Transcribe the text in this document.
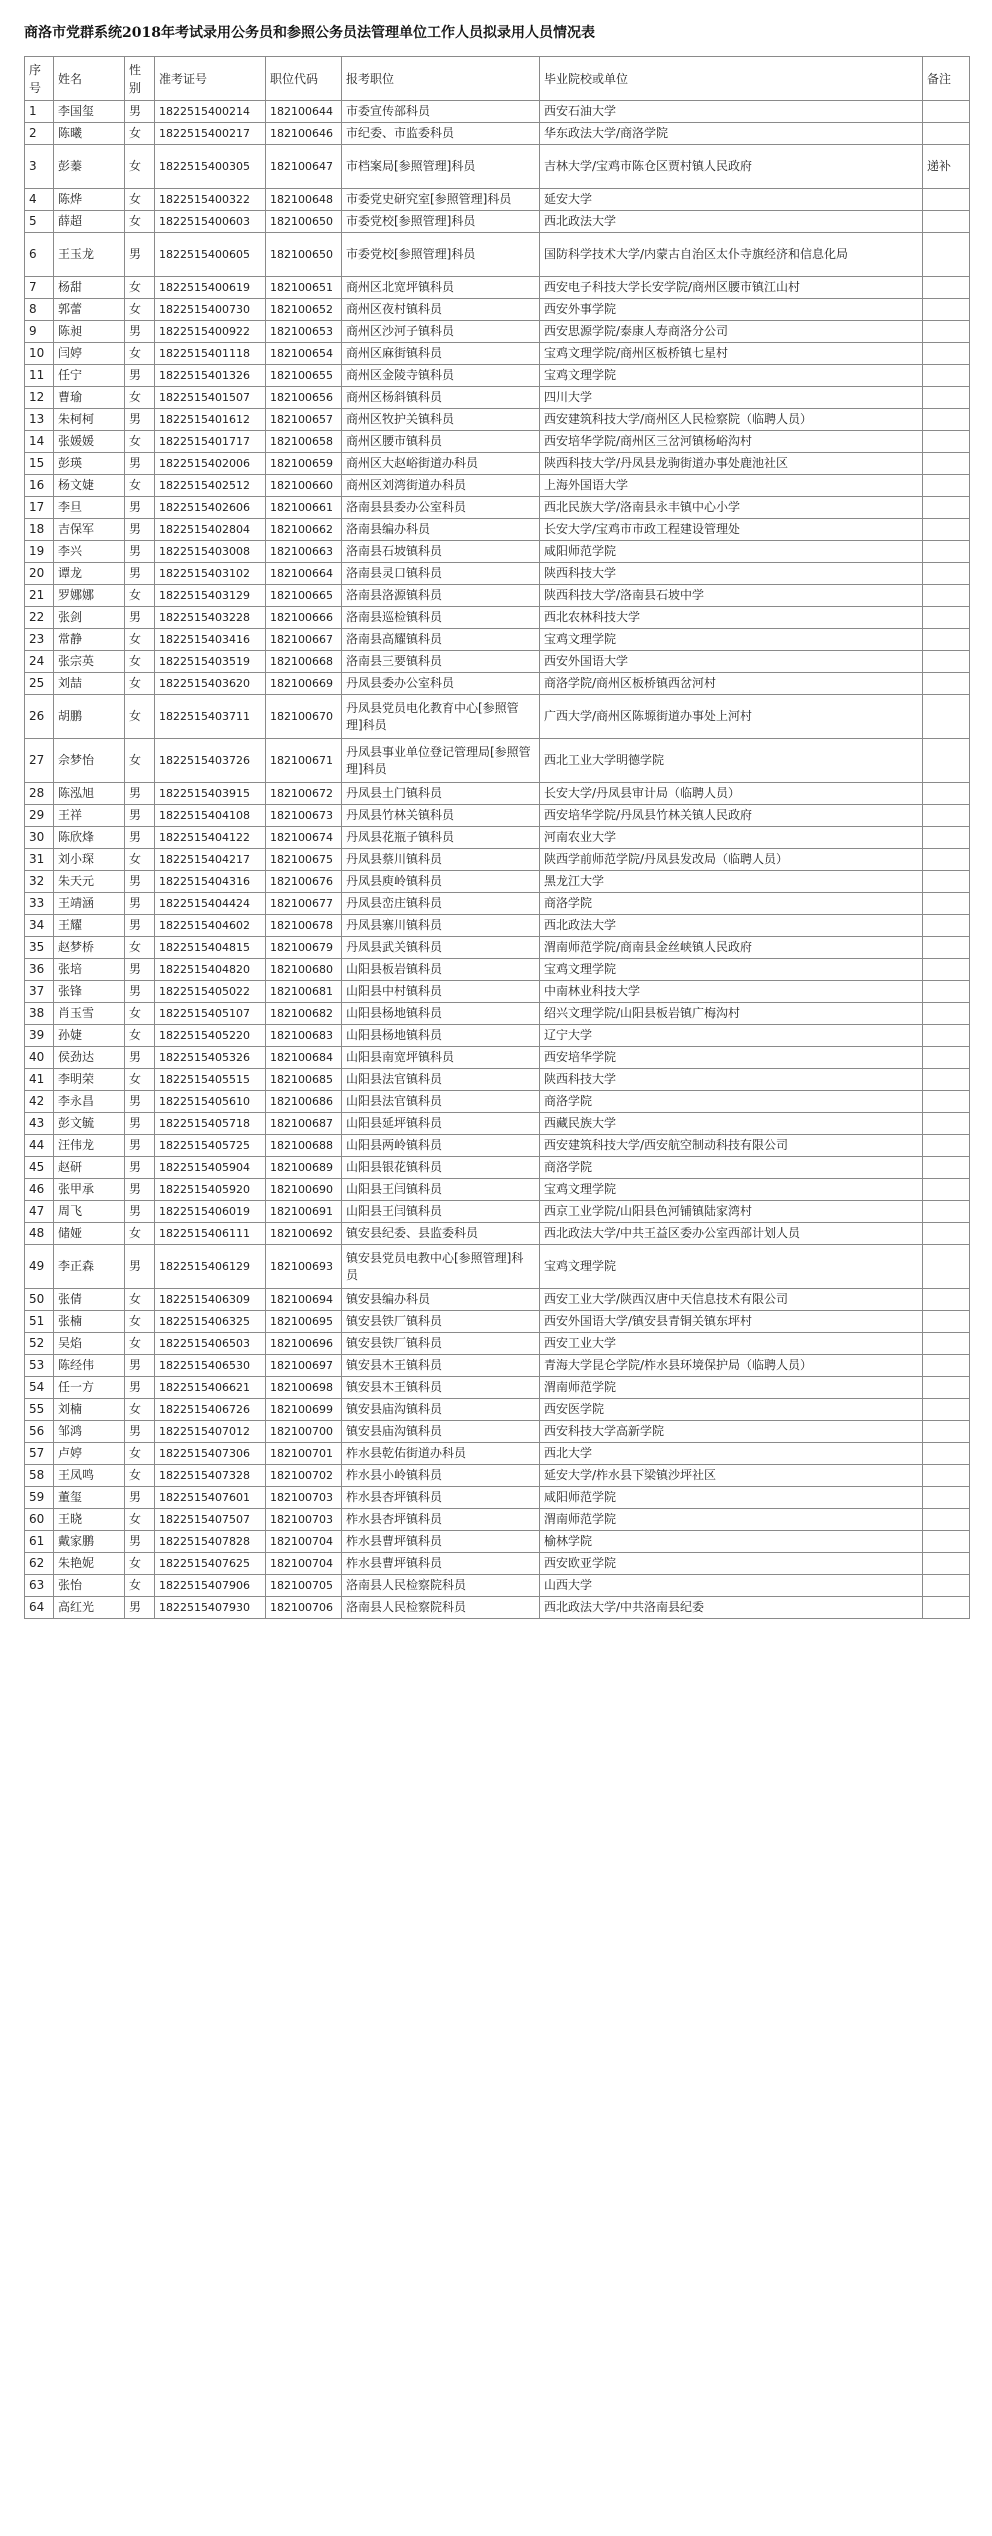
商洛市党群系统2018年考试录用公务员和参照公务员法管理单位工作人员拟录用人员情况表
序号	姓名	性别	准考证号	职位代码	报考职位	毕业院校或单位	备注
1	李国玺	男	1822515400214	182100644	市委宣传部科员	西安石油大学	
2	陈曦	女	1822515400217	182100646	市纪委、市监委科员	华东政法大学/商洛学院	
3	彭蓁	女	1822515400305	182100647	市档案局[参照管理]科员	吉林大学/宝鸡市陈仓区贾村镇人民政府	递补
4	陈烨	女	1822515400322	182100648	市委党史研究室[参照管理]科员	延安大学	
5	薛超	女	1822515400603	182100650	市委党校[参照管理]科员	西北政法大学	
6	王玉龙	男	1822515400605	182100650	市委党校[参照管理]科员	国防科学技术大学/内蒙古自治区太仆寺旗经济和信息化局	
7	杨甜	女	1822515400619	182100651	商州区北宽坪镇科员	西安电子科技大学长安学院/商州区腰市镇江山村	
8	郭蕾	女	1822515400730	182100652	商州区夜村镇科员	西安外事学院	
9	陈昶	男	1822515400922	182100653	商州区沙河子镇科员	西安思源学院/泰康人寿商洛分公司	
10	闫婷	女	1822515401118	182100654	商州区麻街镇科员	宝鸡文理学院/商州区板桥镇七星村	
11	任宁	男	1822515401326	182100655	商州区金陵寺镇科员	宝鸡文理学院	
12	曹瑜	女	1822515401507	182100656	商州区杨斜镇科员	四川大学	
13	朱柯柯	男	1822515401612	182100657	商州区牧护关镇科员	西安建筑科技大学/商州区人民检察院（临聘人员）	
14	张媛媛	女	1822515401717	182100658	商州区腰市镇科员	西安培华学院/商州区三岔河镇杨峪沟村	
15	彭瑛	男	1822515402006	182100659	商州区大赵峪街道办科员	陕西科技大学/丹凤县龙驹街道办事处鹿池社区	
16	杨文婕	女	1822515402512	182100660	商州区刘湾街道办科员	上海外国语大学	
17	李旦	男	1822515402606	182100661	洛南县县委办公室科员	西北民族大学/洛南县永丰镇中心小学	
18	吉保军	男	1822515402804	182100662	洛南县编办科员	长安大学/宝鸡市市政工程建设管理处	
19	李兴	男	1822515403008	182100663	洛南县石坡镇科员	咸阳师范学院	
20	谭龙	男	1822515403102	182100664	洛南县灵口镇科员	陕西科技大学	
21	罗娜娜	女	1822515403129	182100665	洛南县洛源镇科员	陕西科技大学/洛南县石坡中学	
22	张剑	男	1822515403228	182100666	洛南县巡检镇科员	西北农林科技大学	
23	常静	女	1822515403416	182100667	洛南县高耀镇科员	宝鸡文理学院	
24	张宗英	女	1822515403519	182100668	洛南县三要镇科员	西安外国语大学	
25	刘喆	女	1822515403620	182100669	丹凤县委办公室科员	商洛学院/商州区板桥镇西岔河村	
26	胡鹏	女	1822515403711	182100670	丹凤县党员电化教育中心[参照管理]科员	广西大学/商州区陈塬街道办事处上河村	
27	佘梦怡	女	1822515403726	182100671	丹凤县事业单位登记管理局[参照管理]科员	西北工业大学明德学院	
28	陈泓旭	男	1822515403915	182100672	丹凤县土门镇科员	长安大学/丹凤县审计局（临聘人员）	
29	王祥	男	1822515404108	182100673	丹凤县竹林关镇科员	西安培华学院/丹凤县竹林关镇人民政府	
30	陈欣烽	男	1822515404122	182100674	丹凤县花瓶子镇科员	河南农业大学	
31	刘小琛	女	1822515404217	182100675	丹凤县蔡川镇科员	陕西学前师范学院/丹凤县发改局（临聘人员）	
32	朱天元	男	1822515404316	182100676	丹凤县庾岭镇科员	黑龙江大学	
33	王靖涵	男	1822515404424	182100677	丹凤县峦庄镇科员	商洛学院	
34	王耀	男	1822515404602	182100678	丹凤县寨川镇科员	西北政法大学	
35	赵梦桥	女	1822515404815	182100679	丹凤县武关镇科员	渭南师范学院/商南县金丝峡镇人民政府	
36	张培	男	1822515404820	182100680	山阳县板岩镇科员	宝鸡文理学院	
37	张锋	男	1822515405022	182100681	山阳县中村镇科员	中南林业科技大学	
38	肖玉雪	女	1822515405107	182100682	山阳县杨地镇科员	绍兴文理学院/山阳县板岩镇广梅沟村	
39	孙婕	女	1822515405220	182100683	山阳县杨地镇科员	辽宁大学	
40	侯劲达	男	1822515405326	182100684	山阳县南宽坪镇科员	西安培华学院	
41	李明荣	女	1822515405515	182100685	山阳县法官镇科员	陕西科技大学	
42	李永昌	男	1822515405610	182100686	山阳县法官镇科员	商洛学院	
43	彭文毓	男	1822515405718	182100687	山阳县延坪镇科员	西藏民族大学	
44	汪伟龙	男	1822515405725	182100688	山阳县两岭镇科员	西安建筑科技大学/西安航空制动科技有限公司	
45	赵研	男	1822515405904	182100689	山阳县银花镇科员	商洛学院	
46	张甲承	男	1822515405920	182100690	山阳县王闫镇科员	宝鸡文理学院	
47	周飞	男	1822515406019	182100691	山阳县王闫镇科员	西京工业学院/山阳县色河铺镇陆家湾村	
48	储娅	女	1822515406111	182100692	镇安县纪委、县监委科员	西北政法大学/中共王益区委办公室西部计划人员	
49	李正森	男	1822515406129	182100693	镇安县党员电教中心[参照管理]科员	宝鸡文理学院	
50	张倩	女	1822515406309	182100694	镇安县编办科员	西安工业大学/陕西汉唐中天信息技术有限公司	
51	张楠	女	1822515406325	182100695	镇安县铁厂镇科员	西安外国语大学/镇安县青铜关镇东坪村	
52	吴焰	女	1822515406503	182100696	镇安县铁厂镇科员	西安工业大学	
53	陈经伟	男	1822515406530	182100697	镇安县木王镇科员	青海大学昆仑学院/柞水县环境保护局（临聘人员）	
54	任一方	男	1822515406621	182100698	镇安县木王镇科员	渭南师范学院	
55	刘楠	女	1822515406726	182100699	镇安县庙沟镇科员	西安医学院	
56	邹鸿	男	1822515407012	182100700	镇安县庙沟镇科员	西安科技大学高新学院	
57	卢婷	女	1822515407306	182100701	柞水县乾佑街道办科员	西北大学	
58	王凤鸣	女	1822515407328	182100702	柞水县小岭镇科员	延安大学/柞水县下梁镇沙坪社区	
59	董玺	男	1822515407601	182100703	柞水县杏坪镇科员	咸阳师范学院	
60	王晓	女	1822515407507	182100703	柞水县杏坪镇科员	渭南师范学院	
61	戴家鹏	男	1822515407828	182100704	柞水县曹坪镇科员	榆林学院	
62	朱艳妮	女	1822515407625	182100704	柞水县曹坪镇科员	西安欧亚学院	
63	张怡	女	1822515407906	182100705	洛南县人民检察院科员	山西大学	
64	高红光	男	1822515407930	182100706	洛南县人民检察院科员	西北政法大学/中共洛南县纪委	
